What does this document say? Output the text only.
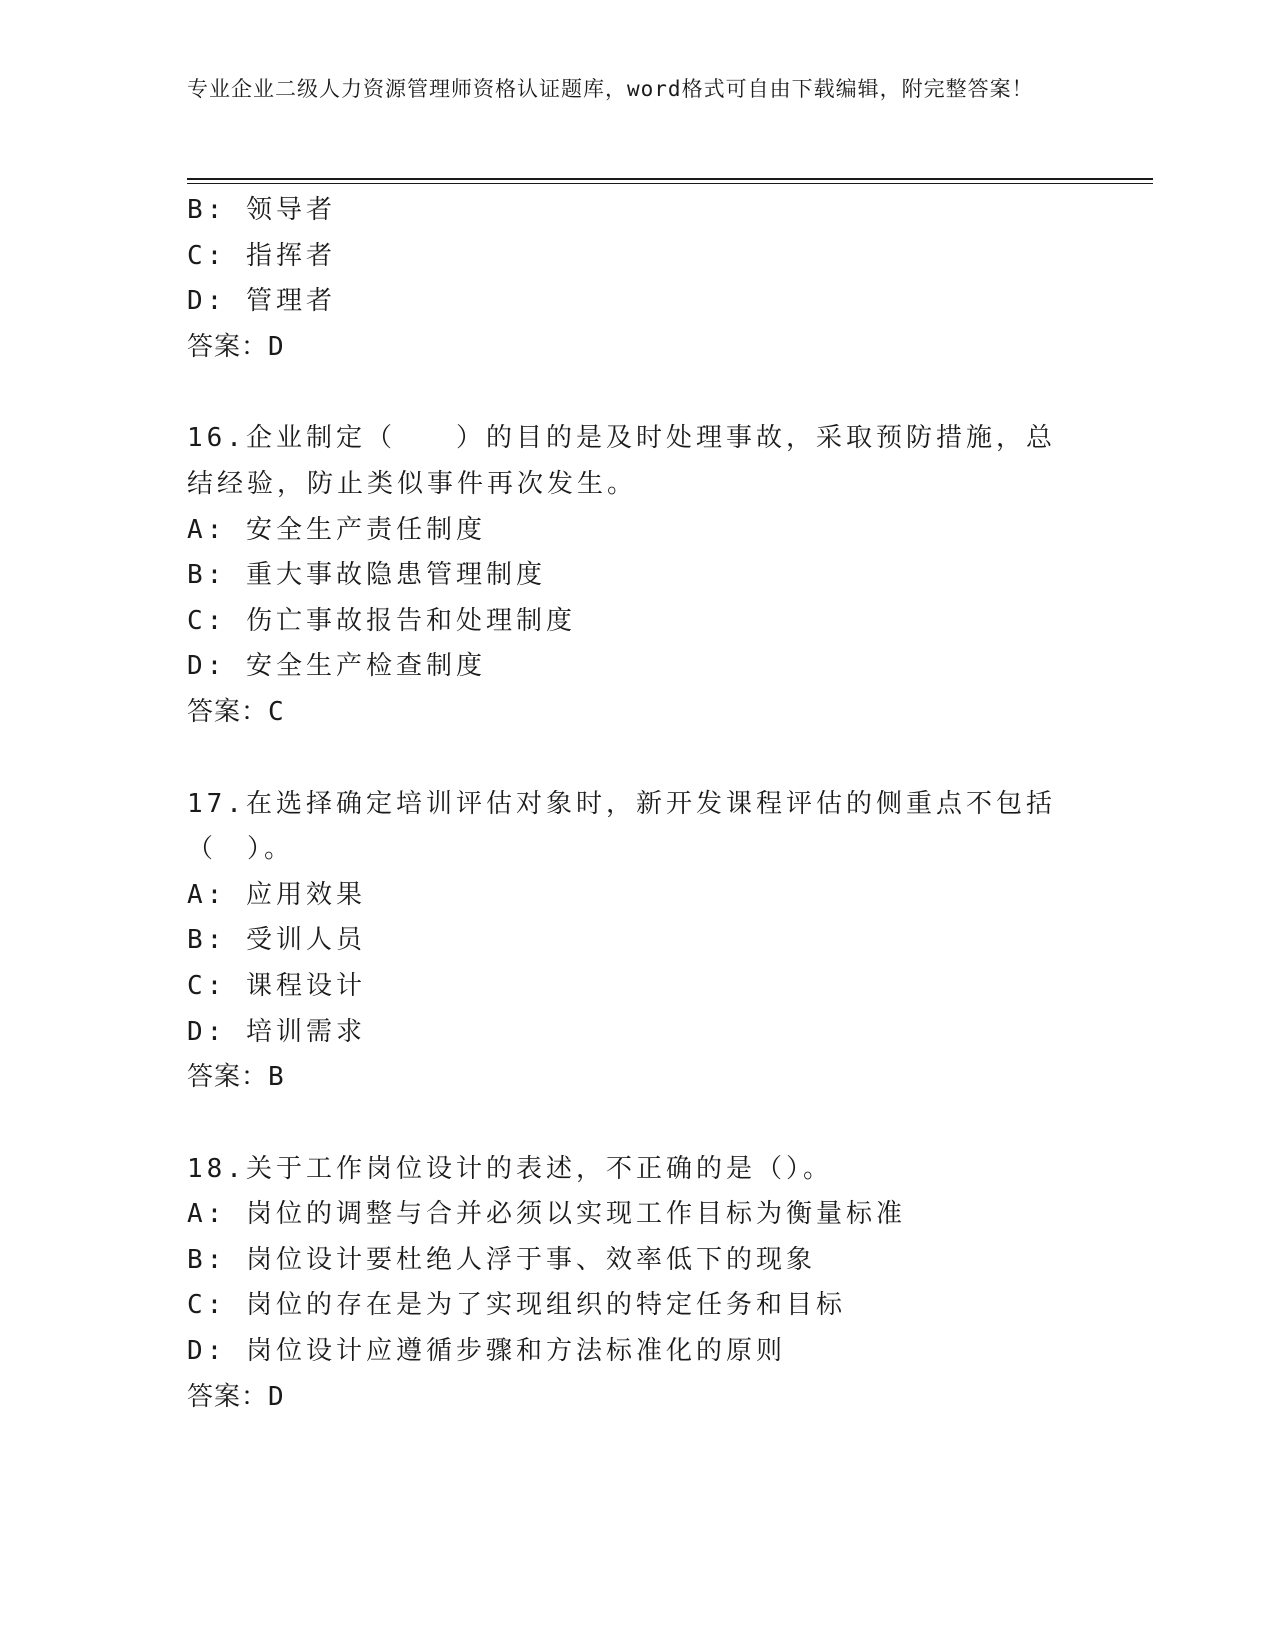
专业企业二级人力资源管理师资格认证题库，word格式可自由下载编辑，附完整答案！
B: 领导者
C: 指挥者
D: 管理者
答案：D
16.企业制定（　　）的目的是及时处理事故，采取预防措施，总结经验，防止类似事件再次发生。
A: 安全生产责任制度
B: 重大事故隐患管理制度
C: 伤亡事故报告和处理制度
D: 安全生产检查制度
答案：C
17.在选择确定培训评估对象时，新开发课程评估的侧重点不包括（　）。
A: 应用效果
B: 受训人员
C: 课程设计
D: 培训需求
答案：B
18.关于工作岗位设计的表述，不正确的是（）。
A: 岗位的调整与合并必须以实现工作目标为衡量标准
B: 岗位设计要杜绝人浮于事、效率低下的现象
C: 岗位的存在是为了实现组织的特定任务和目标
D: 岗位设计应遵循步骤和方法标准化的原则
答案：D
